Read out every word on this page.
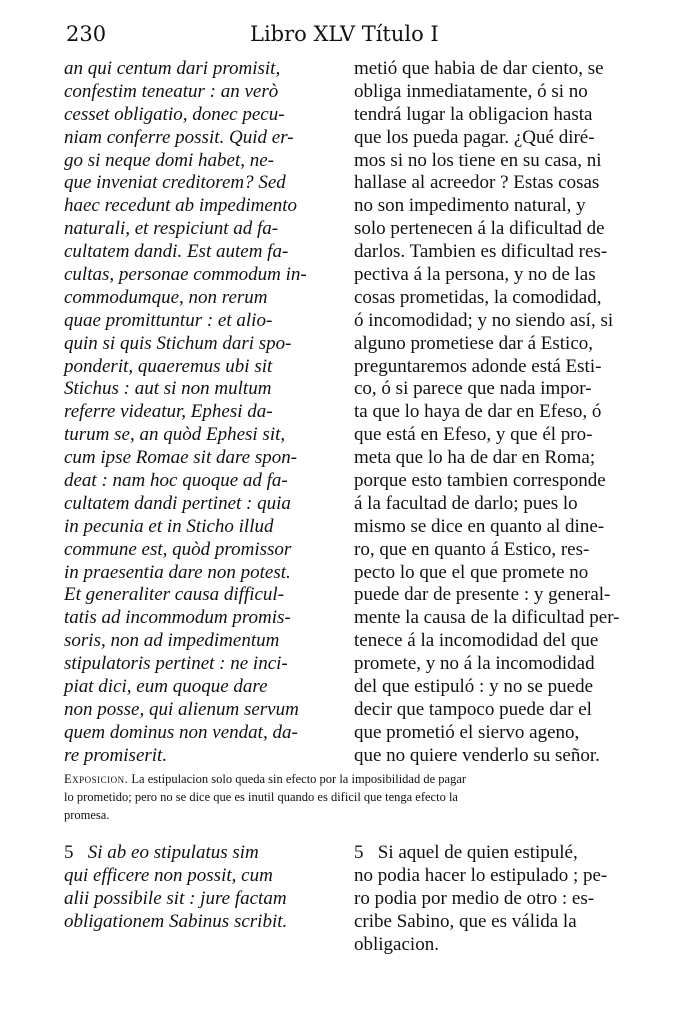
230	Libro XLV Título I
an qui centum dari promisit,
confestim teneatur : an verò
cesset obligatio, donec pecu-
niam conferre possit. Quid er-
go si neque domi habet, ne-
que inveniat creditorem? Sed
haec recedunt ab impedimento
naturali, et respiciunt ad fa-
cultatem dandi. Est autem fa-
cultas, personae commodum in-
commodumque, non rerum
quae promittuntur : et alio-
quin si quis Stichum dari spo-
ponderit, quaeremus ubi sit
Stichus : aut si non multum
referre videatur, Ephesi da-
turum se, an quòd Ephesi sit,
cum ipse Romae sit dare spon-
deat : nam hoc quoque ad fa-
cultatem dandi pertinet : quia
in pecunia et in Sticho illud
commune est, quòd promissor
in praesentia dare non potest.
Et generaliter causa difficul-
tatis ad incommodum promis-
soris, non ad impedimentum
stipulatoris pertinet : ne inci-
piat dici, eum quoque dare
non posse, qui alienum servum
quem dominus non vendat, da-
re promiserit.
metió que habia de dar ciento, se
obliga inmediatamente, ó si no
tendrá lugar la obligacion hasta
que los pueda pagar. ¿Qué diré-
mos si no los tiene en su casa, ni
hallase al acreedor ? Estas cosas
no son impedimento natural, y
solo pertenecen á la dificultad de
darlos. Tambien es dificultad res-
pectiva á la persona, y no de las
cosas prometidas, la comodidad,
ó incomodidad; y no siendo así, si
alguno prometiese dar á Estico,
preguntaremos adonde está Esti-
co, ó si parece que nada impor-
ta que lo haya de dar en Efeso, ó
que está en Efeso, y que él pro-
meta que lo ha de dar en Roma;
porque esto tambien corresponde
á la facultad de darlo; pues lo
mismo se dice en quanto al dine-
ro, que en quanto á Estico, res-
pecto lo que el que promete no
puede dar de presente : y general-
mente la causa de la dificultad per-
tenece á la incomodidad del que
promete, y no á la incomodidad
del que estipuló : y no se puede
decir que tampoco puede dar el
que prometió el siervo ageno,
que no quiere venderlo su señor.
Exposicion. La estipulacion solo queda sin efecto por la imposibilidad de pagar
lo prometido; pero no se dice que es inutil quando es dificil que tenga efecto la
promesa.
5 Si ab eo stipulatus sim
qui efficere non possit, cum
alii possibile sit : jure factam
obligationem Sabinus scribit.
5 Si aquel de quien estipulé,
no podia hacer lo estipulado ; pe-
ro podia por medio de otro : es-
cribe Sabino, que es válida la
obligacion.
